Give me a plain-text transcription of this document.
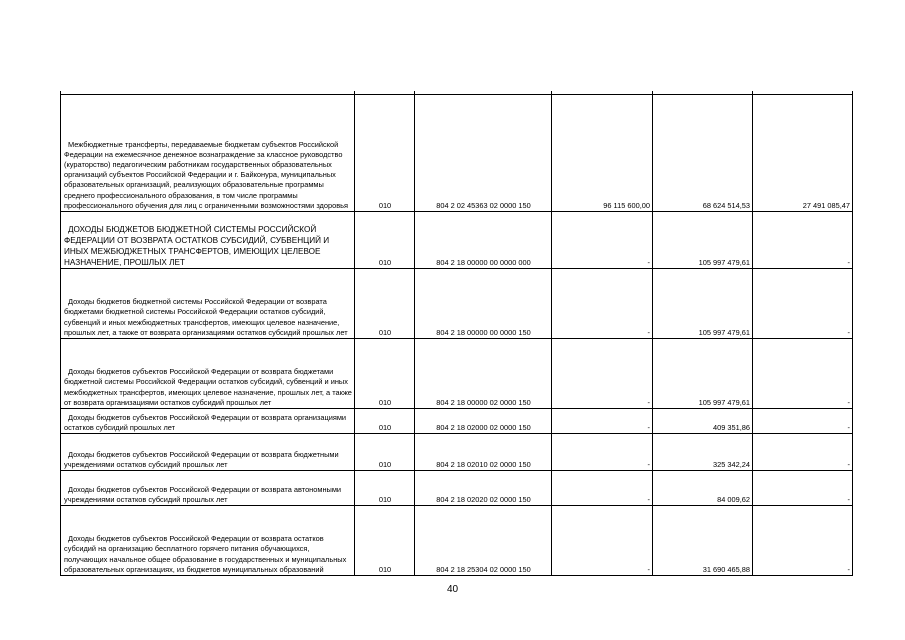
Межбюджетные трансферты, передаваемые бюджетам субъектов Российской Федерации на ежемесячное денежное вознаграждение за классное руководство (кураторство) педагогическим работникам государственных образовательных организаций субъектов Российской Федерации и г. Байконура, муниципальных образовательных организаций, реализующих образовательные программы среднего профессионального образования, в том числе программы профессионального обучения для лиц с ограниченными возможностями здоровья	010	804 2 02 45363 02 0000 150	96 115 600,00	68 624 514,53	27 491 085,47
ДОХОДЫ БЮДЖЕТОВ БЮДЖЕТНОЙ СИСТЕМЫ РОССИЙСКОЙ ФЕДЕРАЦИИ ОТ ВОЗВРАТА ОСТАТКОВ СУБСИДИЙ, СУБВЕНЦИЙ И ИНЫХ МЕЖБЮДЖЕТНЫХ ТРАНСФЕРТОВ, ИМЕЮЩИХ ЦЕЛЕВОЕ НАЗНАЧЕНИЕ, ПРОШЛЫХ ЛЕТ	010	804 2 18 00000 00 0000 000	-	105 997 479,61	-
Доходы бюджетов бюджетной системы Российской Федерации от возврата бюджетами бюджетной системы Российской Федерации остатков субсидий, субвенций и иных межбюджетных трансфертов, имеющих целевое назначение, прошлых лет, а также от возврата организациями остатков субсидий прошлых лет	010	804 2 18 00000 00 0000 150	-	105 997 479,61	-
Доходы бюджетов субъектов Российской Федерации от возврата бюджетами бюджетной системы Российской Федерации остатков субсидий, субвенций и иных межбюджетных трансфертов, имеющих целевое назначение, прошлых лет, а также от возврата организациями остатков субсидий прошлых лет	010	804 2 18 00000 02 0000 150	-	105 997 479,61	-
Доходы бюджетов субъектов Российской Федерации от возврата организациями остатков субсидий прошлых лет	010	804 2 18 02000 02 0000 150	-	409 351,86	-
Доходы бюджетов субъектов Российской Федерации от возврата бюджетными учреждениями остатков субсидий прошлых лет	010	804 2 18 02010 02 0000 150	-	325 342,24	-
Доходы бюджетов субъектов Российской Федерации от возврата автономными учреждениями остатков субсидий прошлых лет	010	804 2 18 02020 02 0000 150	-	84 009,62	-
Доходы бюджетов субъектов Российской Федерации от возврата остатков субсидий на организацию бесплатного горячего питания обучающихся, получающих начальное общее образование в государственных и муниципальных образовательных организациях, из бюджетов муниципальных образований	010	804 2 18 25304 02 0000 150	-	31 690 465,88	-
40
